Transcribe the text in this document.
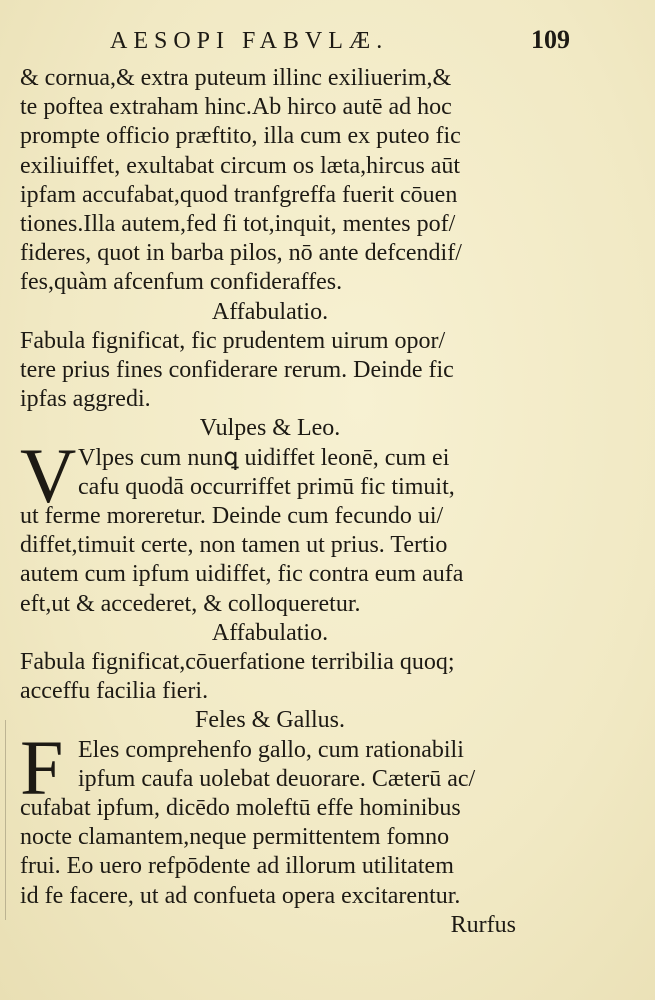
AESOPI FABVLÆ.	109
& cornua,& extra puteum illinc exiliuerim,&
te poftea extraham hinc.Ab hirco autē ad hoc
prompte officio præftito, illa cum ex puteo fic
exiliuiffet, exultabat circum os læta,hircus aūt
ipfam accufabat,quod tranfgreffa fuerit cōuen
tiones.Illa autem,fed fi tot,inquit, mentes pof/
fideres, quot in barba pilos, nō ante defcendif/
fes,quàm afcenfum confideraffes.
Affabulatio.
Fabula fignificat, fic prudentem uirum opor/
tere prius fines confiderare rerum. Deinde fic
ipfas aggredi.
Vulpes & Leo.
V Vlpes cum nunꝗ uidiffet leonē, cum ei
cafu quodā occurriffet primū fic timuit,
ut ferme moreretur. Deinde cum fecundo ui/
diffet,timuit certe, non tamen ut prius. Tertio
autem cum ipfum uidiffet, fic contra eum aufa
eft,ut & accederet, & colloqueretur.
Affabulatio.
Fabula fignificat,cōuerfatione terribilia quoq;
acceffu facilia fieri.
Feles & Gallus.
F Eles comprehenfo gallo, cum rationabili
ipfum caufa uolebat deuorare. Cæterū ac/
cufabat ipfum, dicēdo moleftū effe hominibus
nocte clamantem,neque permittentem fomno
frui. Eo uero refpōdente ad illorum utilitatem
id fe facere, ut ad confueta opera excitarentur.
Rurfus
